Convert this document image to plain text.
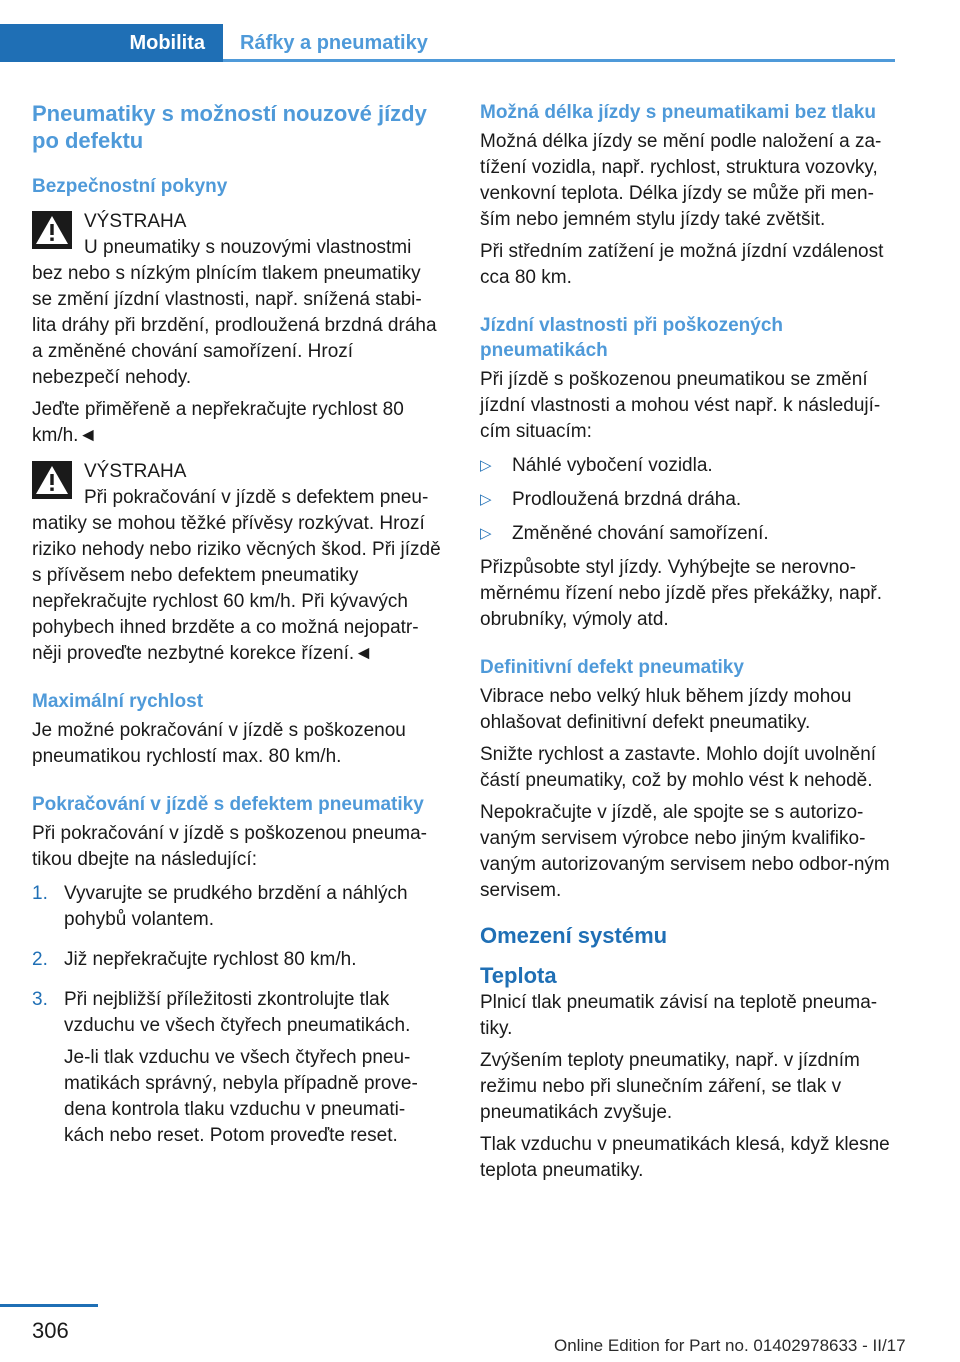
Mobilita	Ráfky a pneumatiky
Pneumatiky s možností nouzové jízdy po defektu
Bezpečnostní pokyny
VÝSTRAHA

U pneumatiky s nouzovými vlastnostmi bez nebo s nízkým plnícím tlakem pneumatiky se změní jízdní vlastnosti, např. snížená stabi-lita dráhy při brzdění, prodloužená brzdná dráha a změněné chování samořízení. Hrozí nebezpečí nehody.

Jeďte přiměřeně a nepřekračujte rychlost 80 km/h.◄

VÝSTRAHA

Při pokračování v jízdě s defektem pneu-matiky se mohou těžké přívěsy rozkývat. Hrozí riziko nehody nebo riziko věcných škod. Při jízdě s přívěsem nebo defektem pneumatiky nepřekračujte rychlost 60 km/h. Při kývavých pohybech ihned brzděte a co možná nejopatr-něji proveďte nezbytné korekce řízení.◄

Maximální rychlost

Je možné pokračování v jízdě s poškozenou pneumatikou rychlostí max. 80 km/h.

Pokračování v jízdě s defektem pneumatiky

Při pokračování v jízdě s poškozenou pneuma-tikou dbejte na následující:

1. Vyvarujte se prudkého brzdění a náhlých pohybů volantem.

2. Již nepřekračujte rychlost 80 km/h.

3. Při nejbližší příležitosti zkontrolujte tlak vzduchu ve všech čtyřech pneumatikách.

Je-li tlak vzduchu ve všech čtyřech pneu-matikách správný, nebyla případně prove-dena kontrola tlaku vzduchu v pneumati-kách nebo reset. Potom proveďte reset.

Možná délka jízdy s pneumatikami bez tlaku

Možná délka jízdy se mění podle naložení a za-tížení vozidla, např. rychlost, struktura vozovky, venkovní teplota. Délka jízdy se může při men-ším nebo jemném stylu jízdy také zvětšit.

Při středním zatížení je možná jízdní vzdálenost cca 80 km.

Jízdní vlastnosti při poškozených pneumatikách

Při jízdě s poškozenou pneumatikou se změní jízdní vlastnosti a mohou vést např. k následují-cím situacím:

▷	Náhlé vybočení vozidla.
▷	Prodloužená brzdná dráha.
▷	Změněné chování samořízení.

Přizpůsobte styl jízdy. Vyhýbejte se nerovno-měrnému řízení nebo jízdě přes překážky, např. obrubníky, výmoly atd.

Definitivní defekt pneumatiky

Vibrace nebo velký hluk během jízdy mohou ohlašovat definitivní defekt pneumatiky.

Snižte rychlost a zastavte. Mohlo dojít uvolnění částí pneumatiky, což by mohlo vést k nehodě.

Nepokračujte v jízdě, ale spojte se s autorizo-vaným servisem výrobce nebo jiným kvalifiko-vaným autorizovaným servisem nebo odbor-ným servisem.

Omezení systému
Teplota

Plnicí tlak pneumatik závisí na teplotě pneuma-tiky.

Zvýšením teploty pneumatiky, např. v jízdním režimu nebo při slunečním záření, se tlak v pneumatikách zvyšuje.

Tlak vzduchu v pneumatikách klesá, když klesne teplota pneumatiky.

306
Online Edition for Part no. 01402978633 - II/17
